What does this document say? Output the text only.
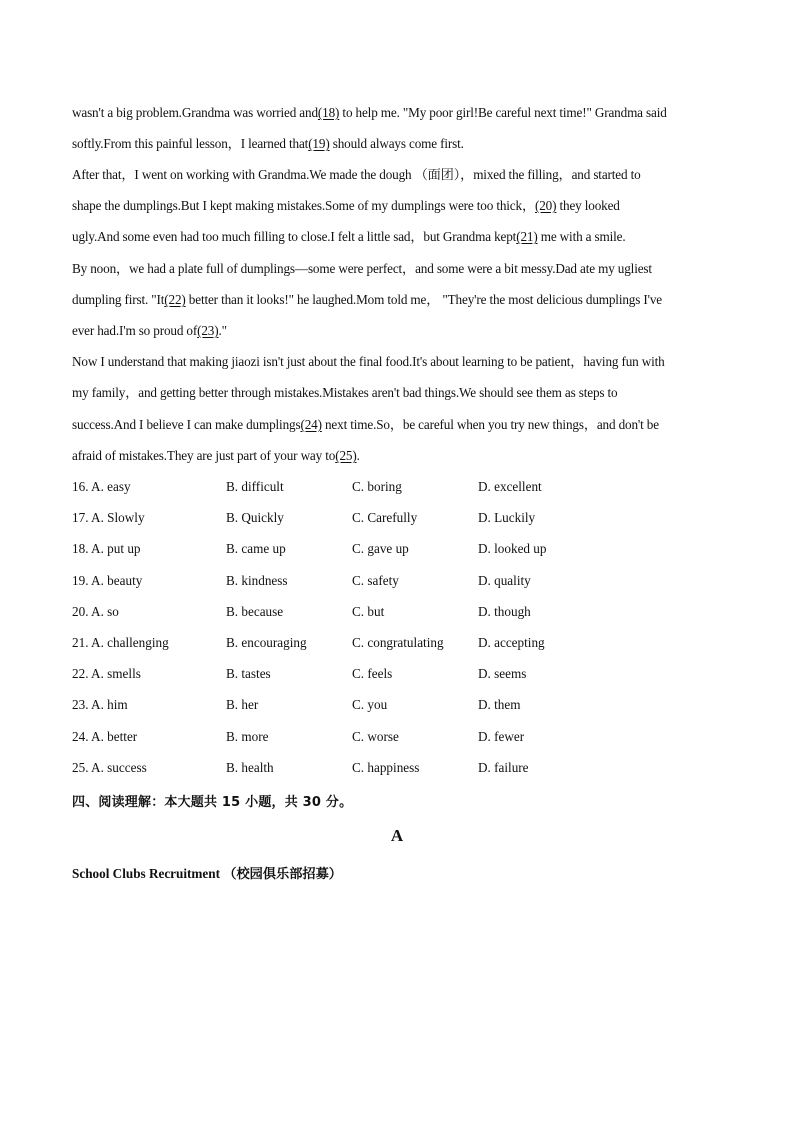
wasn't a big problem.Grandma was worried and(18) to help me. "My poor girl!Be careful next time!" Grandma said
softly.From this painful lesson，I learned that(19) should always come first.
After that，I went on working with Grandma.We made the dough （面团），mixed the filling，and started to
shape the dumplings.But I kept making mistakes.Some of my dumplings were too thick，(20) they looked
ugly.And some even had too much filling to close.I felt a little sad，but Grandma kept(21) me with a smile.
By noon，we had a plate full of dumplings—some were perfect，and some were a bit messy.Dad ate my ugliest
dumpling first. "It(22) better than it looks!" he laughed.Mom told me， "They're the most delicious dumplings I've
ever had.I'm so proud of(23)."
Now I understand that making jiaozi isn't just about the final food.It's about learning to be patient，having fun with
my family，and getting better through mistakes.Mistakes aren't bad things.We should see them as steps to
success.And I believe I can make dumplings(24) next time.So，be careful when you try new things，and don't be
afraid of mistakes.They are just part of your way to(25).
16. A. easy	B. difficult	C. boring	D. excellent
17. A. Slowly	B. Quickly	C. Carefully	D. Luckily
18. A. put up	B. came up	C. gave up	D. looked up
19. A. beauty	B. kindness	C. safety	D. quality
20. A. so	B. because	C. but	D. though
21. A. challenging	B. encouraging	C. congratulating	D. accepting
22. A. smells	B. tastes	C. feels	D. seems
23. A. him	B. her	C. you	D. them
24. A. better	B. more	C. worse	D. fewer
25. A. success	B. health	C. happiness	D. failure
四、阅读理解：本大题共 15 小题，共 30 分。
A
School Clubs Recruitment （校园俱乐部招募）
